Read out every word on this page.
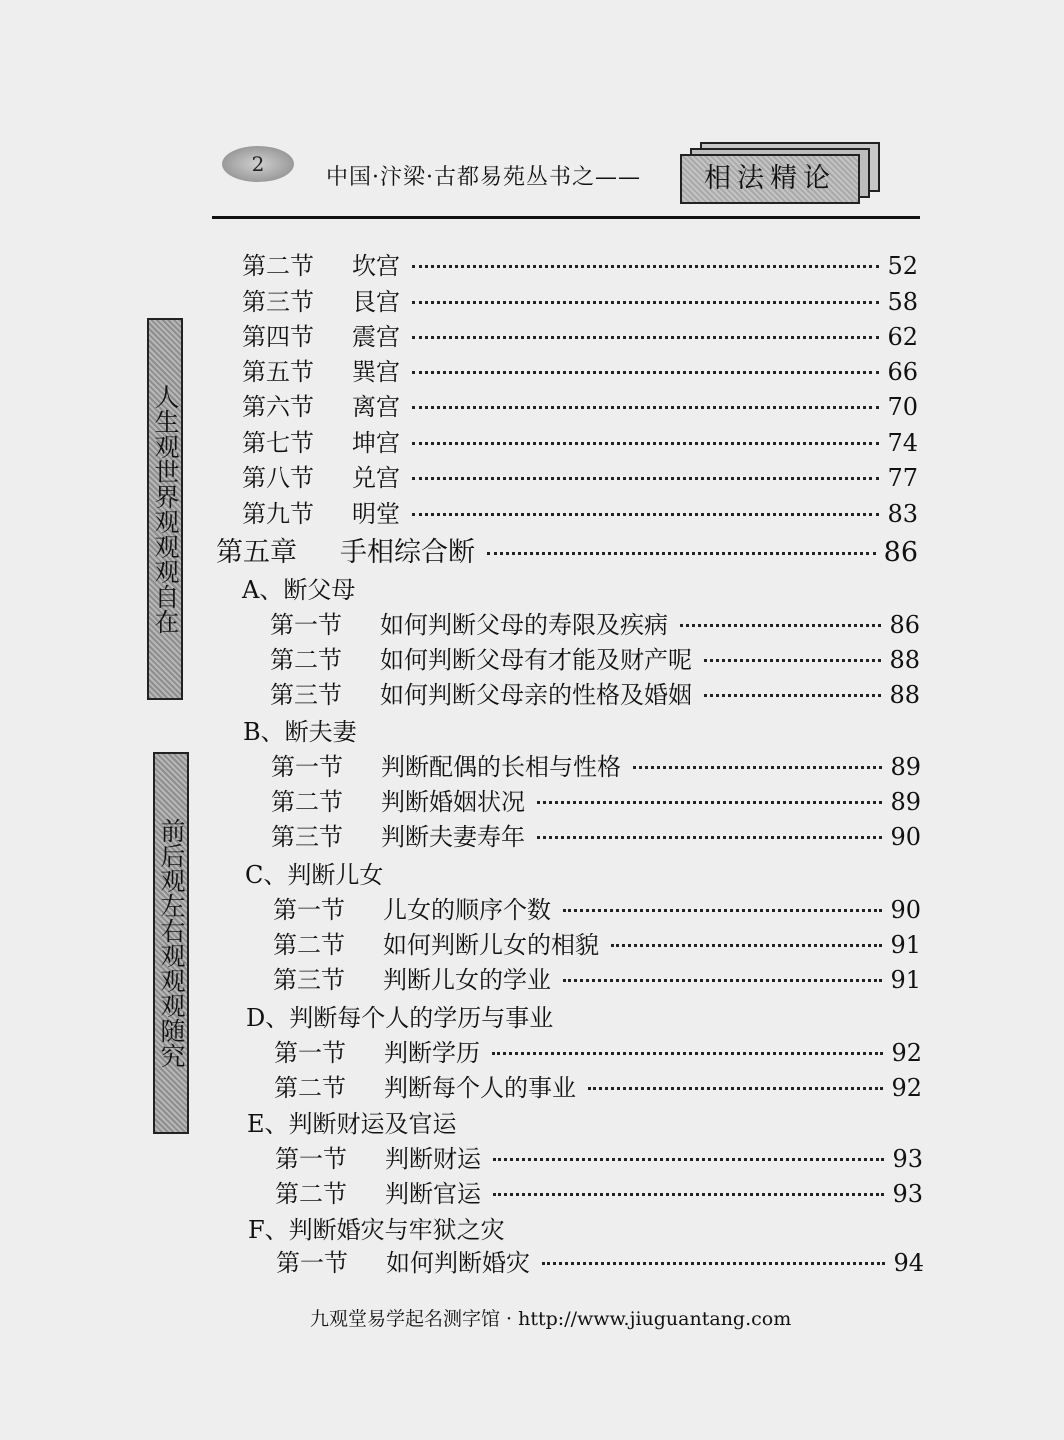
2
中国·汴梁·古都易苑丛书之——	相法精论
人生观世界观观观自在
前后观左右观观观随究
第二节	坎宫	52
第三节	艮宫	58
第四节	震宫	62
第五节	巽宫	66
第六节	离宫	70
第七节	坤宫	74
第八节	兑宫	77
第九节	明堂	83
第五章	手相综合断	86
A、断父母
第一节	如何判断父母的寿限及疾病	86
第二节	如何判断父母有才能及财产呢	88
第三节	如何判断父母亲的性格及婚姻	88
B、断夫妻
第一节	判断配偶的长相与性格	89
第二节	判断婚姻状况	89
第三节	判断夫妻寿年	90
C、判断儿女
第一节	儿女的顺序个数	90
第二节	如何判断儿女的相貌	91
第三节	判断儿女的学业	91
D、判断每个人的学历与事业
第一节	判断学历	92
第二节	判断每个人的事业	92
E、判断财运及官运
第一节	判断财运	93
第二节	判断官运	93
F、判断婚灾与牢狱之灾
第一节	如何判断婚灾	94
九观堂易学起名测字馆 · http://www.jiuguantang.com
